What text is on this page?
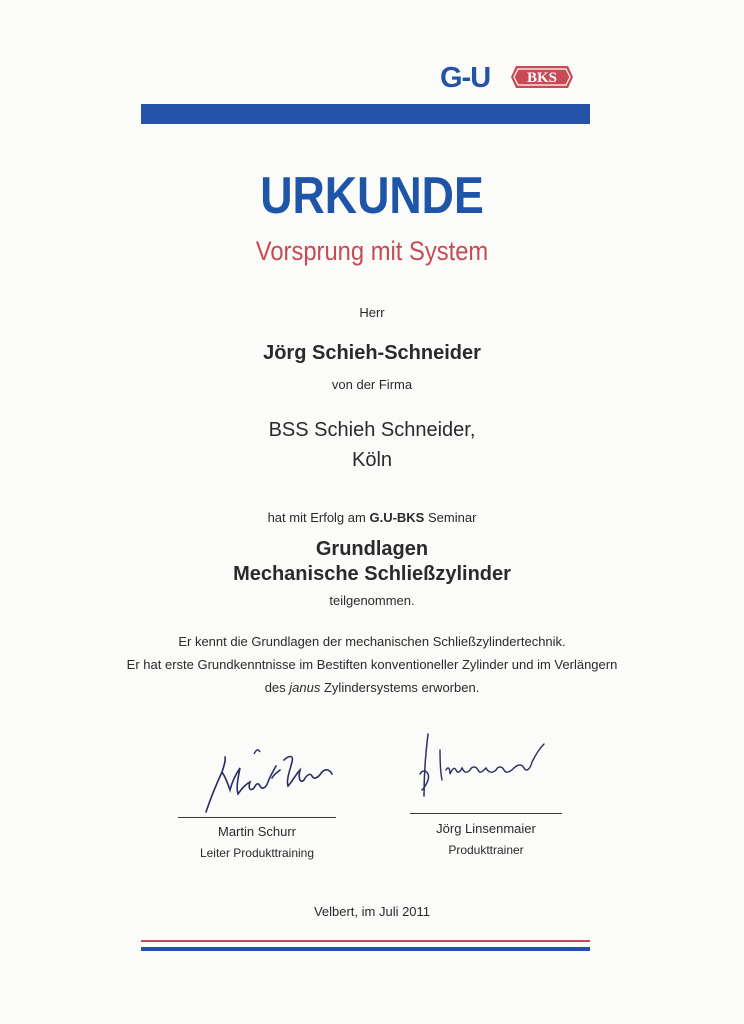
G-U BKS
URKUNDE
Vorsprung mit System
Herr
Jörg Schieh-Schneider
von der Firma
BSS Schieh Schneider,
Köln
hat mit Erfolg am G.U-BKS Seminar
Grundlagen
Mechanische Schließzylinder
teilgenommen.
Er kennt die Grundlagen der mechanischen Schließzylindertechnik.
Er hat erste Grundkenntnisse im Bestiften konventioneller Zylinder und im Verlängern
des janus Zylindersystems erworben.
Martin Schurr
Leiter Produkttraining
Jörg Linsenmaier
Produkttrainer
Velbert, im Juli 2011
